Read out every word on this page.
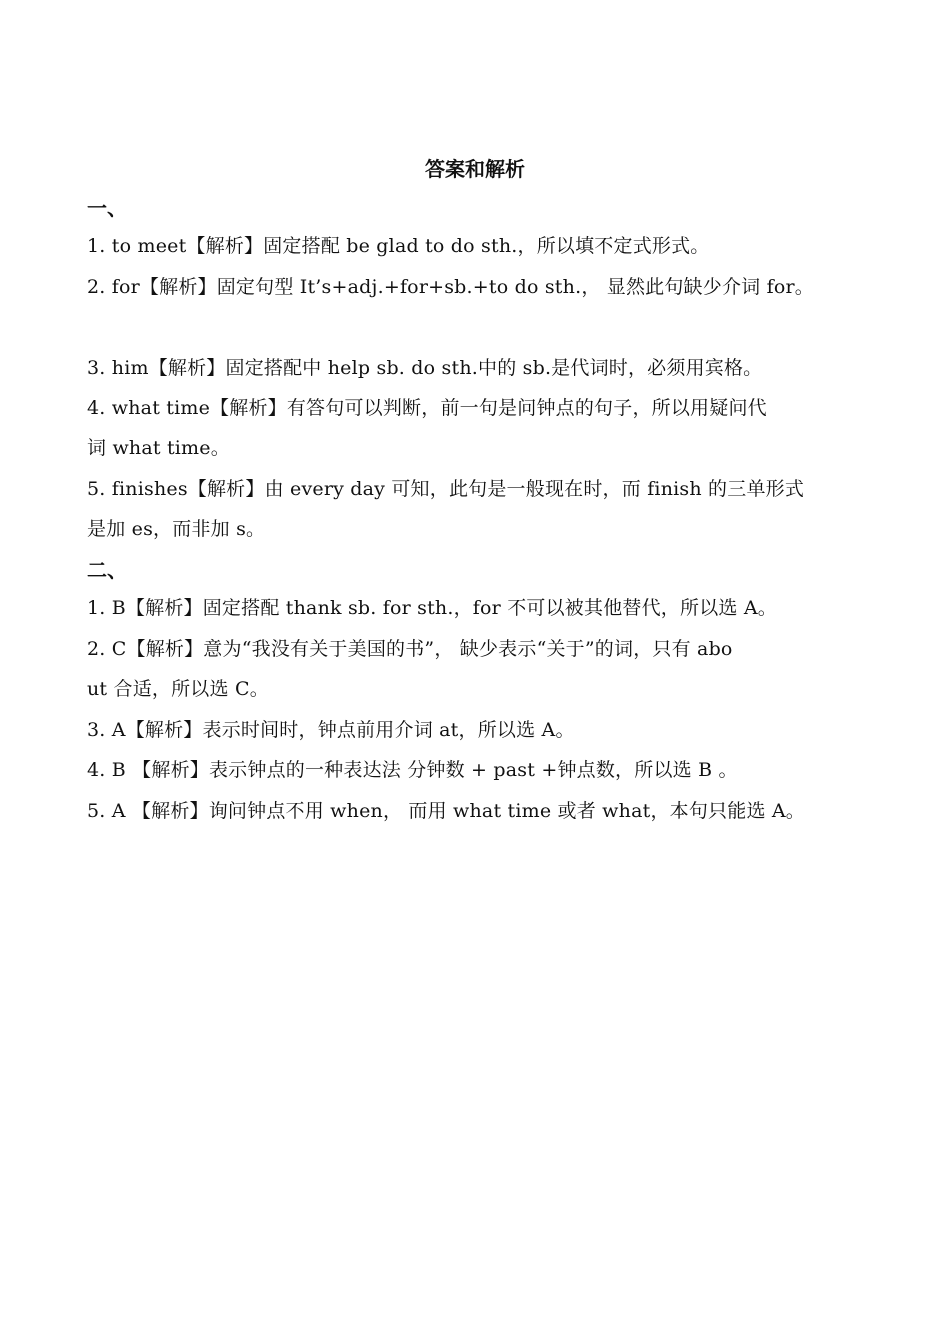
答案和解析
一、
1. to meet【解析】固定搭配 be glad to do sth.，所以填不定式形式。
2. for【解析】固定句型 It’s+adj.+for+sb.+to do sth.， 显然此句缺少介词 for。
3. him【解析】固定搭配中 help sb. do sth.中的 sb.是代词时，必须用宾格。
4. what time【解析】有答句可以判断，前一句是问钟点的句子，所以用疑问代
词 what time。
5. finishes【解析】由 every day 可知，此句是一般现在时，而 finish 的三单形式
是加 es，而非加 s。
二、
1. B【解析】固定搭配 thank sb. for sth.，for 不可以被其他替代，所以选 A。
2. C【解析】意为“我没有关于美国的书”， 缺少表示“关于”的词，只有 abo
ut 合适，所以选 C。
3. A【解析】表示时间时，钟点前用介词 at，所以选 A。
4. B 【解析】表示钟点的一种表达法 分钟数 + past +钟点数，所以选 B 。
5. A 【解析】询问钟点不用 when， 而用 what time 或者 what，本句只能选 A。
